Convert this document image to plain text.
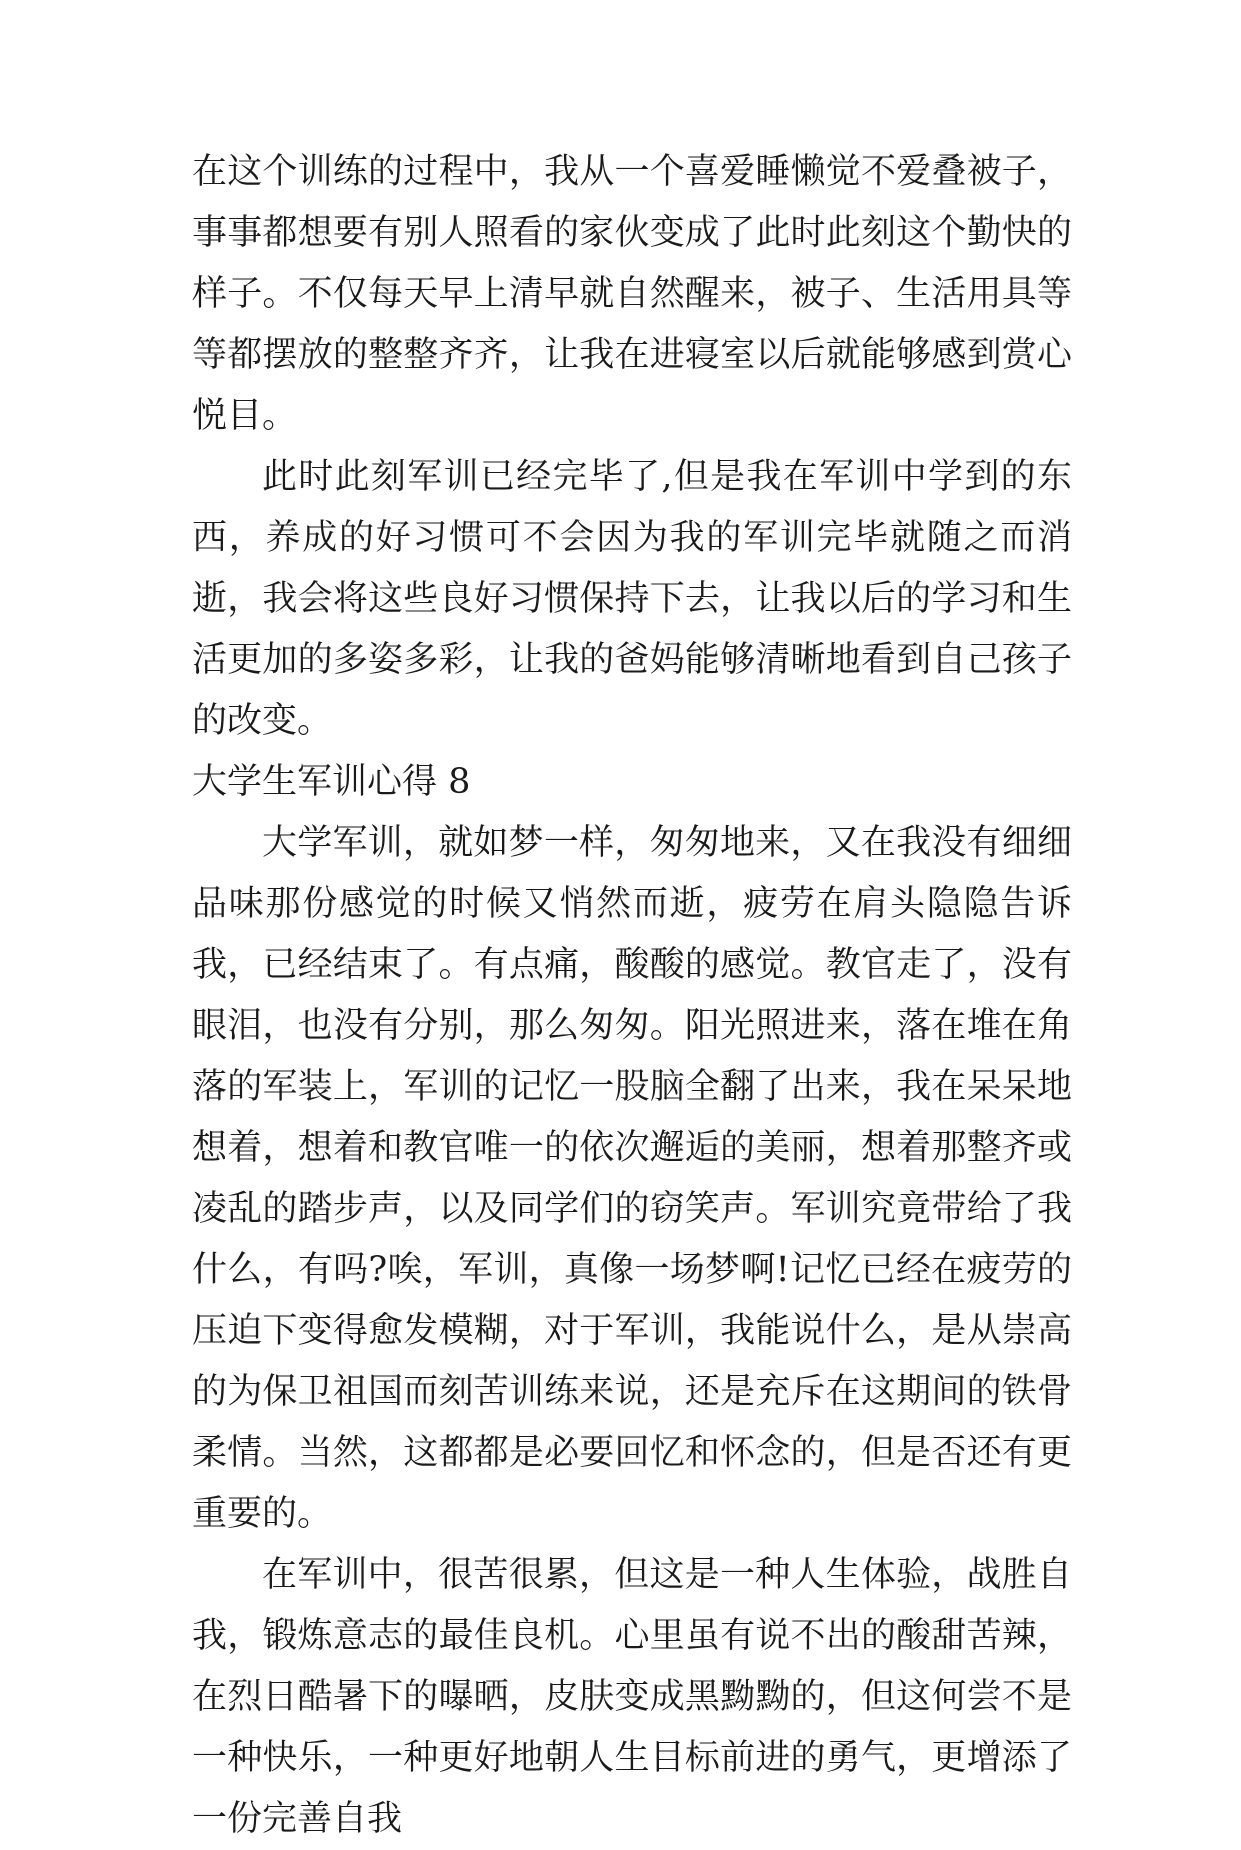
在这个训练的过程中，我从一个喜爱睡懒觉不爱叠被子，事事都想要有别人照看的家伙变成了此时此刻这个勤快的样子。不仅每天早上清早就自然醒来，被子、生活用具等等都摆放的整整齐齐，让我在进寝室以后就能够感到赏心悦目。

此时此刻军训已经完毕了,但是我在军训中学到的东西，养成的好习惯可不会因为我的军训完毕就随之而消逝，我会将这些良好习惯保持下去，让我以后的学习和生活更加的多姿多彩，让我的爸妈能够清晰地看到自己孩子的改变。

大学生军训心得 8

大学军训，就如梦一样，匆匆地来，又在我没有细细品味那份感觉的时候又悄然而逝，疲劳在肩头隐隐告诉我，已经结束了。有点痛，酸酸的感觉。教官走了，没有眼泪，也没有分别，那么匆匆。阳光照进来，落在堆在角落的军装上，军训的记忆一股脑全翻了出来，我在呆呆地想着，想着和教官唯一的依次邂逅的美丽，想着那整齐或凌乱的踏步声，以及同学们的窃笑声。军训究竟带给了我什么，有吗?唉，军训，真像一场梦啊!记忆已经在疲劳的压迫下变得愈发模糊，对于军训，我能说什么，是从崇高的为保卫祖国而刻苦训练来说，还是充斥在这期间的铁骨柔情。当然，这都都是必要回忆和怀念的，但是否还有更重要的。

在军训中，很苦很累，但这是一种人生体验，战胜自我，锻炼意志的最佳良机。心里虽有说不出的酸甜苦辣，在烈日酷暑下的曝晒，皮肤变成黑黝黝的，但这何尝不是一种快乐，一种更好地朝人生目标前进的勇气，更增添了一份完善自我
